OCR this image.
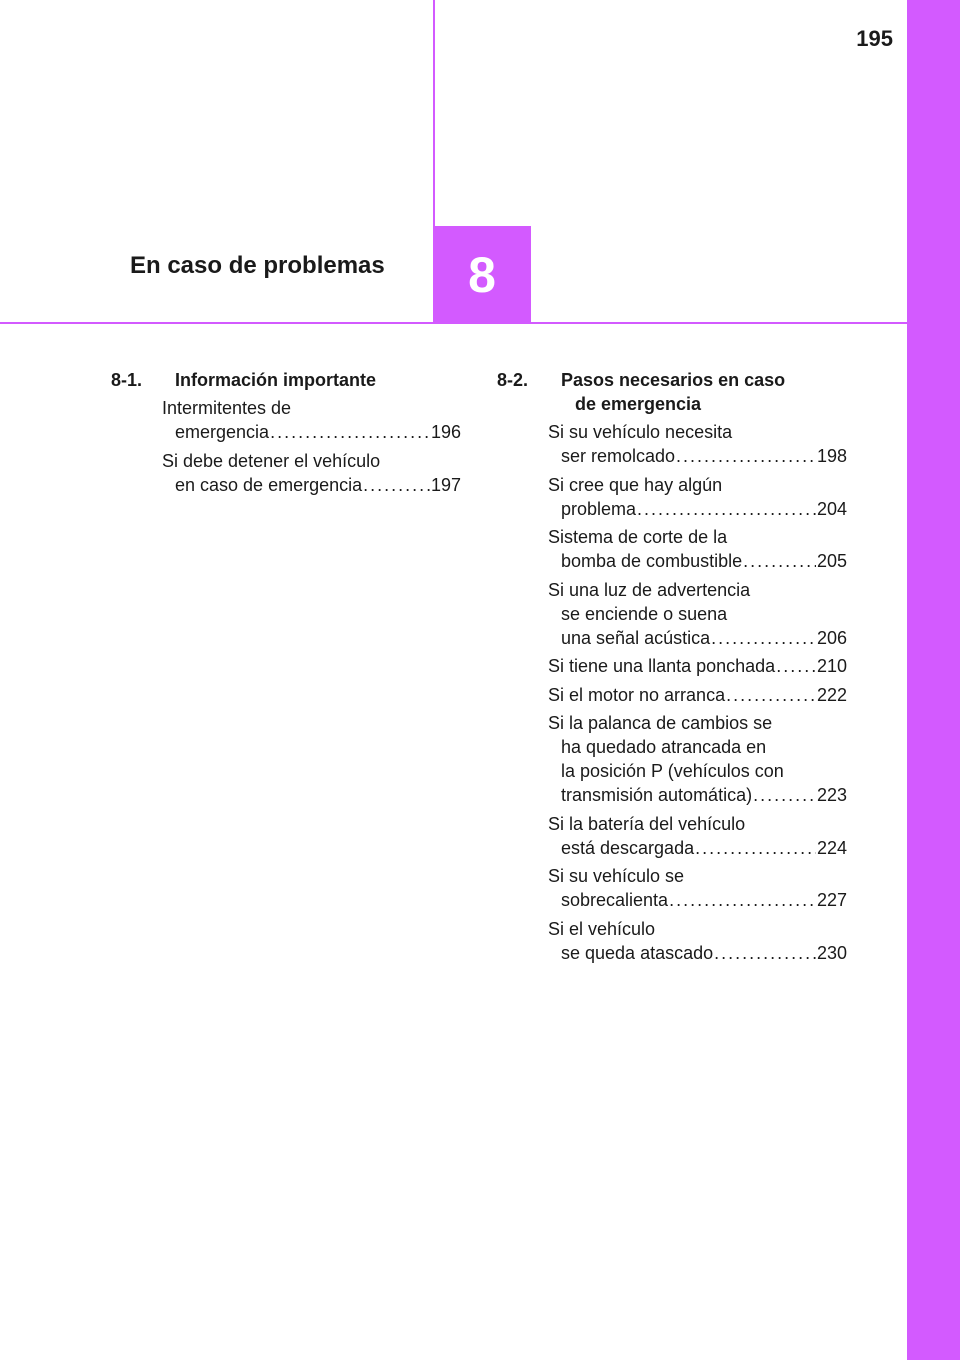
195
En caso de problemas 8
8-1.	Información importante
Intermitentes de
emergencia . . .	196
Si debe detener el vehículo
en caso de emergencia . . .	197
8-2.	Pasos necesarios en caso
de emergencia
Si su vehículo necesita
ser remolcado . . .	198
Si cree que hay algún
problema . . .	204
Sistema de corte de la
bomba de combustible . . .	205
Si una luz de advertencia
se enciende o suena
una señal acústica . . .	206
Si tiene una llanta ponchada . . . 210
Si el motor no arranca . . .	222
Si la palanca de cambios se
ha quedado atrancada en
la posición P (vehículos con
transmisión automática) . . .	223
Si la batería del vehículo
está descargada . . .	224
Si su vehículo se
sobrecalienta . . .	227
Si el vehículo
se queda atascado . . .	230
